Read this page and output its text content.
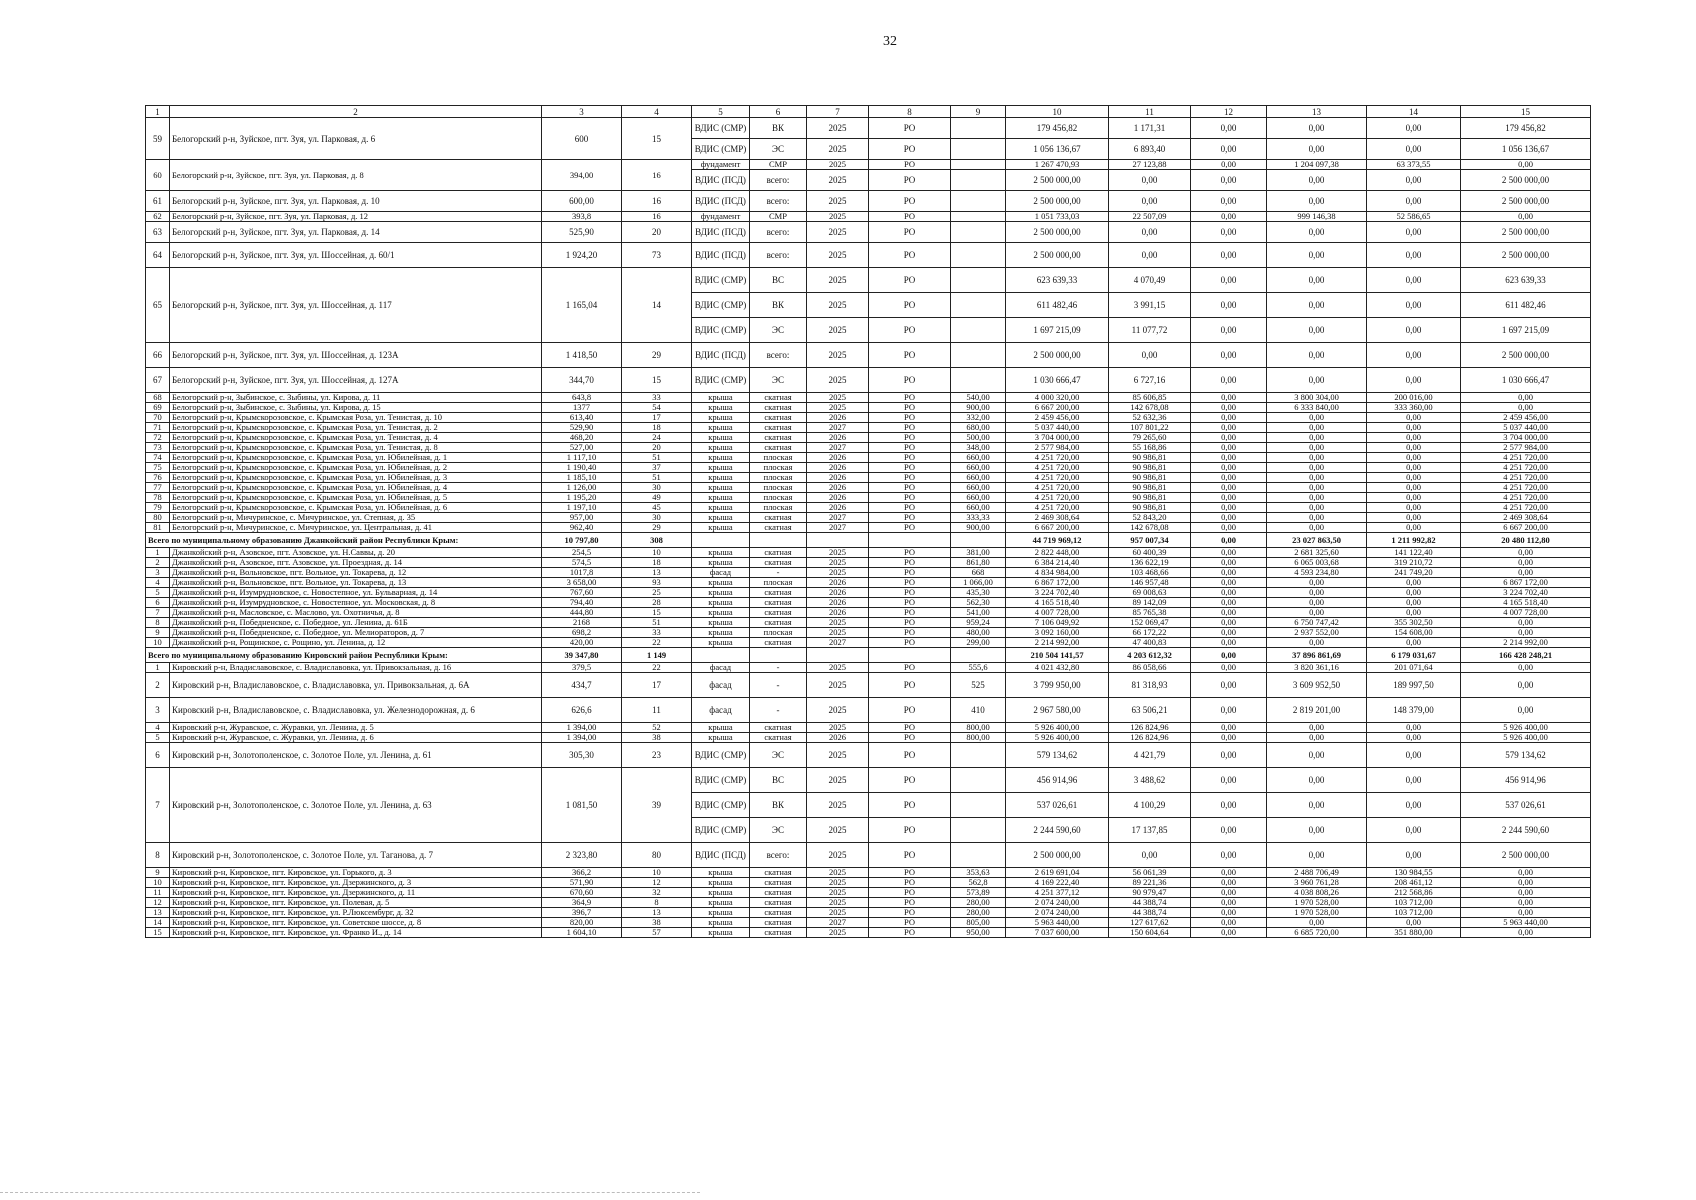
32
1	2	3	4	5	6	7	8	9	10	11	12	13	14	15
59	Белогорский р-н, Зуйское, пгт. Зуя, ул. Парковая, д. 6	600	15	ВДИС (СМР)	ВК	2025	РО		179 456,82	1 171,31	0,00	0,00	0,00	179 456,82
				ВДИС (СМР)	ЭС	2025	РО		1 056 136,67	6 893,40	0,00	0,00	0,00	1 056 136,67
60	Белогорский р-н, Зуйское, пгт. Зуя, ул. Парковая, д. 8	394,00	16	фундамент	СМР	2025	РО		1 267 470,93	27 123,88	0,00	1 204 097,38	63 373,55	0,00
				ВДИС (ПСД)	всего:	2025	РО		2 500 000,00	0,00	0,00	0,00	0,00	2 500 000,00
61	Белогорский р-н, Зуйское, пгт. Зуя, ул. Парковая, д. 10	600,00	16	ВДИС (ПСД)	всего:	2025	РО		2 500 000,00	0,00	0,00	0,00	0,00	2 500 000,00
62	Белогорский р-н, Зуйское, пгт. Зуя, ул. Парковая, д. 12	393,8	16	фундамент	СМР	2025	РО		1 051 733,03	22 507,09	0,00	999 146,38	52 586,65	0,00
63	Белогорский р-н, Зуйское, пгт. Зуя, ул. Парковая, д. 14	525,90	20	ВДИС (ПСД)	всего:	2025	РО		2 500 000,00	0,00	0,00	0,00	0,00	2 500 000,00
64	Белогорский р-н, Зуйское, пгт. Зуя, ул. Шоссейная, д. 60/1	1 924,20	73	ВДИС (ПСД)	всего:	2025	РО		2 500 000,00	0,00	0,00	0,00	0,00	2 500 000,00
65	Белогорский р-н, Зуйское, пгт. Зуя, ул. Шоссейная, д. 117	1 165,04	14	ВДИС (СМР)	ВС	2025	РО		623 639,33	4 070,49	0,00	0,00	0,00	623 639,33
				ВДИС (СМР)	ВК	2025	РО		611 482,46	3 991,15	0,00	0,00	0,00	611 482,46
				ВДИС (СМР)	ЭС	2025	РО		1 697 215,09	11 077,72	0,00	0,00	0,00	1 697 215,09
66	Белогорский р-н, Зуйское, пгт. Зуя, ул. Шоссейная, д. 123А	1 418,50	29	ВДИС (ПСД)	всего:	2025	РО		2 500 000,00	0,00	0,00	0,00	0,00	2 500 000,00
67	Белогорский р-н, Зуйское, пгт. Зуя, ул. Шоссейная, д. 127А	344,70	15	ВДИС (СМР)	ЭС	2025	РО		1 030 666,47	6 727,16	0,00	0,00	0,00	1 030 666,47
68	Белогорский р-н, Зыбинское, с. Зыбины, ул. Кирова, д. 11	643,8	33	крыша	скатная	2025	РО	540,00	4 000 320,00	85 606,85	0,00	3 800 304,00	200 016,00	0,00
69	Белогорский р-н, Зыбинское, с. Зыбины, ул. Кирова, д. 15	1377	54	крыша	скатная	2025	РО	900,00	6 667 200,00	142 678,08	0,00	6 333 840,00	333 360,00	0,00
70	Белогорский р-н, Крымскорозовское, с. Крымская Роза, ул. Тенистая, д. 10	613,40	17	крыша	скатная	2026	РО	332,00	2 459 456,00	52 632,36	0,00	0,00	0,00	2 459 456,00
71	Белогорский р-н, Крымскорозовское, с. Крымская Роза, ул. Тенистая, д. 2	529,90	18	крыша	скатная	2027	РО	680,00	5 037 440,00	107 801,22	0,00	0,00	0,00	5 037 440,00
72	Белогорский р-н, Крымскорозовское, с. Крымская Роза, ул. Тенистая, д. 4	468,20	24	крыша	скатная	2026	РО	500,00	3 704 000,00	79 265,60	0,00	0,00	0,00	3 704 000,00
73	Белогорский р-н, Крымскорозовское, с. Крымская Роза, ул. Тенистая, д. 8	527,00	20	крыша	скатная	2027	РО	348,00	2 577 984,00	55 168,86	0,00	0,00	0,00	2 577 984,00
74	Белогорский р-н, Крымскорозовское, с. Крымская Роза, ул. Юбилейная, д. 1	1 117,10	51	крыша	плоская	2026	РО	660,00	4 251 720,00	90 986,81	0,00	0,00	0,00	4 251 720,00
75	Белогорский р-н, Крымскорозовское, с. Крымская Роза, ул. Юбилейная, д. 2	1 190,40	37	крыша	плоская	2026	РО	660,00	4 251 720,00	90 986,81	0,00	0,00	0,00	4 251 720,00
76	Белогорский р-н, Крымскорозовское, с. Крымская Роза, ул. Юбилейная, д. 3	1 185,10	51	крыша	плоская	2026	РО	660,00	4 251 720,00	90 986,81	0,00	0,00	0,00	4 251 720,00
77	Белогорский р-н, Крымскорозовское, с. Крымская Роза, ул. Юбилейная, д. 4	1 126,00	30	крыша	плоская	2026	РО	660,00	4 251 720,00	90 986,81	0,00	0,00	0,00	4 251 720,00
78	Белогорский р-н, Крымскорозовское, с. Крымская Роза, ул. Юбилейная, д. 5	1 195,20	49	крыша	плоская	2026	РО	660,00	4 251 720,00	90 986,81	0,00	0,00	0,00	4 251 720,00
79	Белогорский р-н, Крымскорозовское, с. Крымская Роза, ул. Юбилейная, д. 6	1 197,10	45	крыша	плоская	2026	РО	660,00	4 251 720,00	90 986,81	0,00	0,00	0,00	4 251 720,00
80	Белогорский р-н, Мичуринское, с. Мичуринское, ул. Степная, д. 35	957,00	30	крыша	скатная	2027	РО	333,33	2 469 308,64	52 843,20	0,00	0,00	0,00	2 469 308,64
81	Белогорский р-н, Мичуринское, с. Мичуринское, ул. Центральная, д. 41	962,40	29	крыша	скатная	2027	РО	900,00	6 667 200,00	142 678,08	0,00	0,00	0,00	6 667 200,00
Всего по муниципальному образованию Джанкойский район Республики Крым:		10 797,80	308						44 719 969,12	957 007,34	0,00	23 027 863,50	1 211 992,82	20 480 112,80
1	Джанкойский р-н, Азовское, пгт. Азовское, ул. Н.Саввы, д. 20	254,5	10	крыша	скатная	2025	РО	381,00	2 822 448,00	60 400,39	0,00	2 681 325,60	141 122,40	0,00
2	Джанкойский р-н, Азовское, пгт. Азовское, ул. Проездная, д. 14	574,5	18	крыша	скатная	2025	РО	861,80	6 384 214,40	136 622,19	0,00	6 065 003,68	319 210,72	0,00
3	Джанкойский р-н, Вольновское, пгт. Вольное, ул. Токарева, д. 12	1017,8	13	фасад	-	2025	РО	668	4 834 984,00	103 468,66	0,00	4 593 234,80	241 749,20	0,00
4	Джанкойский р-н, Вольновское, пгт. Вольное, ул. Токарева, д. 13	3 658,00	93	крыша	плоская	2026	РО	1 066,00	6 867 172,00	146 957,48	0,00	0,00	0,00	6 867 172,00
5	Джанкойский р-н, Изумрудновское, с. Новостепное, ул. Бульварная, д. 14	767,60	25	крыша	скатная	2026	РО	435,30	3 224 702,40	69 008,63	0,00	0,00	0,00	3 224 702,40
6	Джанкойский р-н, Изумрудновское, с. Новостепное, ул. Московская, д. 8	794,40	28	крыша	скатная	2026	РО	562,30	4 165 518,40	89 142,09	0,00	0,00	0,00	4 165 518,40
7	Джанкойский р-н, Масловское, с. Маслово, ул. Охотничья, д. 8	444,80	15	крыша	скатная	2026	РО	541,00	4 007 728,00	85 765,38	0,00	0,00	0,00	4 007 728,00
8	Джанкойский р-н, Победненское, с. Победное, ул. Ленина, д. 61Б	2168	51	крыша	скатная	2025	РО	959,24	7 106 049,92	152 069,47	0,00	6 750 747,42	355 302,50	0,00
9	Джанкойский р-н, Победненское, с. Победное, ул. Мелиораторов, д. 7	698,2	33	крыша	плоская	2025	РО	480,00	3 092 160,00	66 172,22	0,00	2 937 552,00	154 608,00	0,00
10	Джанкойский р-н, Рощинское, с. Рощино, ул. Ленина, д. 12	420,00	22	крыша	скатная	2027	РО	299,00	2 214 992,00	47 400,83	0,00	0,00	0,00	2 214 992,00
Всего по муниципальному образованию Кировский район Республики Крым:		39 347,80	1 149						210 504 141,57	4 203 612,32	0,00	37 896 861,69	6 179 031,67	166 428 248,21
1	Кировский р-н, Владиславовское, с. Владиславовка, ул. Привокзальная, д. 16	379,5	22	фасад	-	2025	РО	555,6	4 021 432,80	86 058,66	0,00	3 820 361,16	201 071,64	0,00
2	Кировский р-н, Владиславовское, с. Владиславовка, ул. Привокзальная, д. 6А	434,7	17	фасад	-	2025	РО	525	3 799 950,00	81 318,93	0,00	3 609 952,50	189 997,50	0,00
3	Кировский р-н, Владиславовское, с. Владиславовка, ул. Железнодорожная, д. 6	626,6	11	фасад	-	2025	РО	410	2 967 580,00	63 506,21	0,00	2 819 201,00	148 379,00	0,00
4	Кировский р-н, Журавское, с. Журавки, ул. Ленина, д. 5	1 394,00	52	крыша	скатная	2025	РО	800,00	5 926 400,00	126 824,96	0,00	0,00	0,00	5 926 400,00
5	Кировский р-н, Журавское, с. Журавки, ул. Ленина, д. 6	1 394,00	38	крыша	скатная	2026	РО	800,00	5 926 400,00	126 824,96	0,00	0,00	0,00	5 926 400,00
6	Кировский р-н, Золотополенское, с. Золотое Поле, ул. Ленина, д. 61	305,30	23	ВДИС (СМР)	ЭС	2025	РО		579 134,62	4 421,79	0,00	0,00	0,00	579 134,62
7	Кировский р-н, Золотополенское, с. Золотое Поле, ул. Ленина, д. 63	1 081,50	39	ВДИС (СМР)	ВС	2025	РО		456 914,96	3 488,62	0,00	0,00	0,00	456 914,96
				ВДИС (СМР)	ВК	2025	РО		537 026,61	4 100,29	0,00	0,00	0,00	537 026,61
				ВДИС (СМР)	ЭС	2025	РО		2 244 590,60	17 137,85	0,00	0,00	0,00	2 244 590,60
8	Кировский р-н, Золотополенское, с. Золотое Поле, ул. Таганова, д. 7	2 323,80	80	ВДИС (ПСД)	всего:	2025	РО		2 500 000,00	0,00	0,00	0,00	0,00	2 500 000,00
9	Кировский р-н, Кировское, пгт. Кировское, ул. Горького, д. 3	366,2	10	крыша	скатная	2025	РО	353,63	2 619 691,04	56 061,39	0,00	2 488 706,49	130 984,55	0,00
10	Кировский р-н, Кировское, пгт. Кировское, ул. Дзержинского, д. 3	571,90	12	крыша	скатная	2025	РО	562,8	4 169 222,40	89 221,36	0,00	3 960 761,28	208 461,12	0,00
11	Кировский р-н, Кировское, пгт. Кировское, ул. Дзержинского, д. 11	670,60	32	крыша	скатная	2025	РО	573,89	4 251 377,12	90 979,47	0,00	4 038 808,26	212 568,86	0,00
12	Кировский р-н, Кировское, пгт. Кировское, ул. Полевая, д. 5	364,9	8	крыша	скатная	2025	РО	280,00	2 074 240,00	44 388,74	0,00	1 970 528,00	103 712,00	0,00
13	Кировский р-н, Кировское, пгт. Кировское, ул. Р.Люксембург, д. 32	396,7	13	крыша	скатная	2025	РО	280,00	2 074 240,00	44 388,74	0,00	1 970 528,00	103 712,00	0,00
14	Кировский р-н, Кировское, пгт. Кировское, ул. Советское шоссе, д. 8	820,00	38	крыша	скатная	2027	РО	805,00	5 963 440,00	127 617,62	0,00	0,00	0,00	5 963 440,00
15	Кировский р-н, Кировское, пгт. Кировское, ул. Франко И., д. 14	1 604,10	57	крыша	скатная	2025	РО	950,00	7 037 600,00	150 604,64	0,00	6 685 720,00	351 880,00	0,00
